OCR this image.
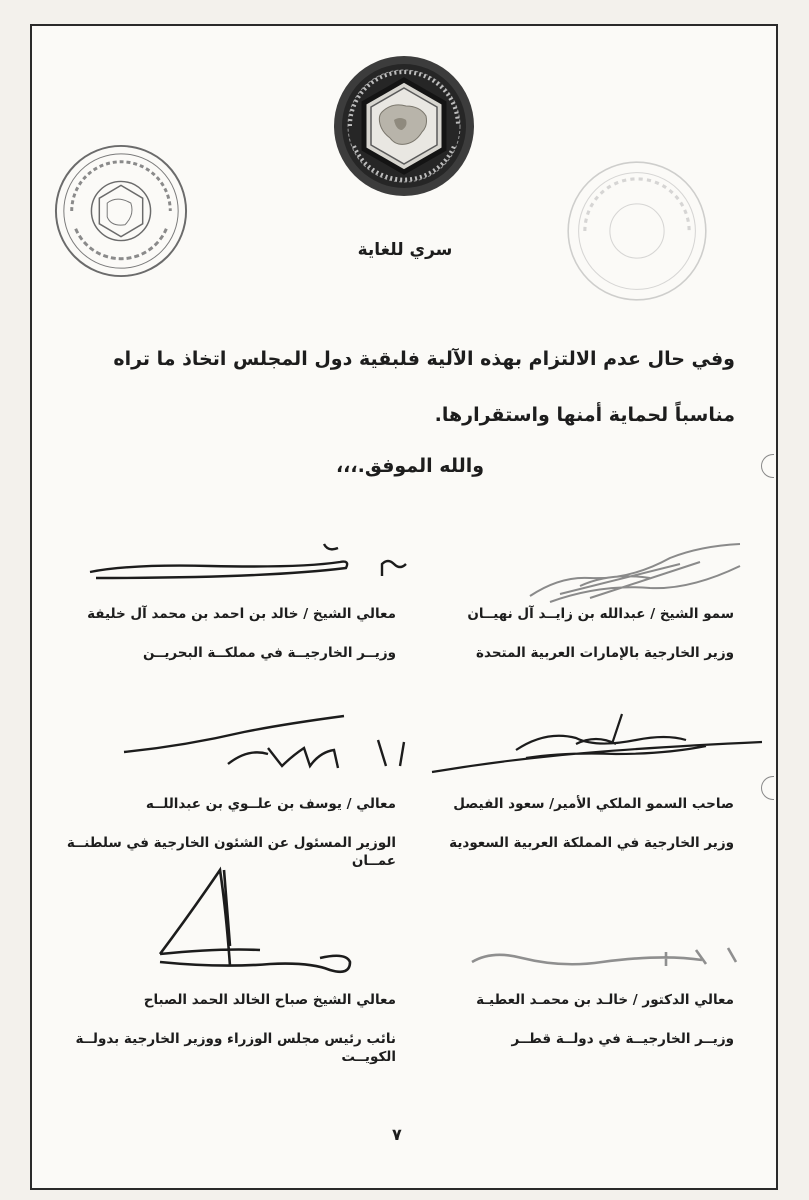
سري للغاية
وفي حال عدم الالتزام بهذه الآلية فلبقية دول المجلس اتخاذ ما تراه
مناسباً لحماية أمنها واستقرارها.
والله الموفق.،،،
سمو الشيخ / عبدالله بن زايــد آل نهيــان
وزير الخارجية بالإمارات العربية المتحدة
معالي الشيخ / خالد بن احمد بن محمد آل خليفة
وزيــر الخارجيــة في مملكــة البحريــن
صاحب السمو الملكي الأمير/ سعود الفيصل
وزير الخارجية في المملكة العربية السعودية
معالي / يوسف بن علــوي بن عبداللــه
الوزير المسئول عن الشئون الخارجية في سلطنــة عمــان
معالي الدكتور / خالـد بن محمـد العطيـة
وزيــر الخارجيــة في دولــة قطــر
معالي الشيخ صباح الخالد الحمد الصباح
نائب رئيس مجلس الوزراء ووزير الخارجية بدولــة الكويــت
٧
